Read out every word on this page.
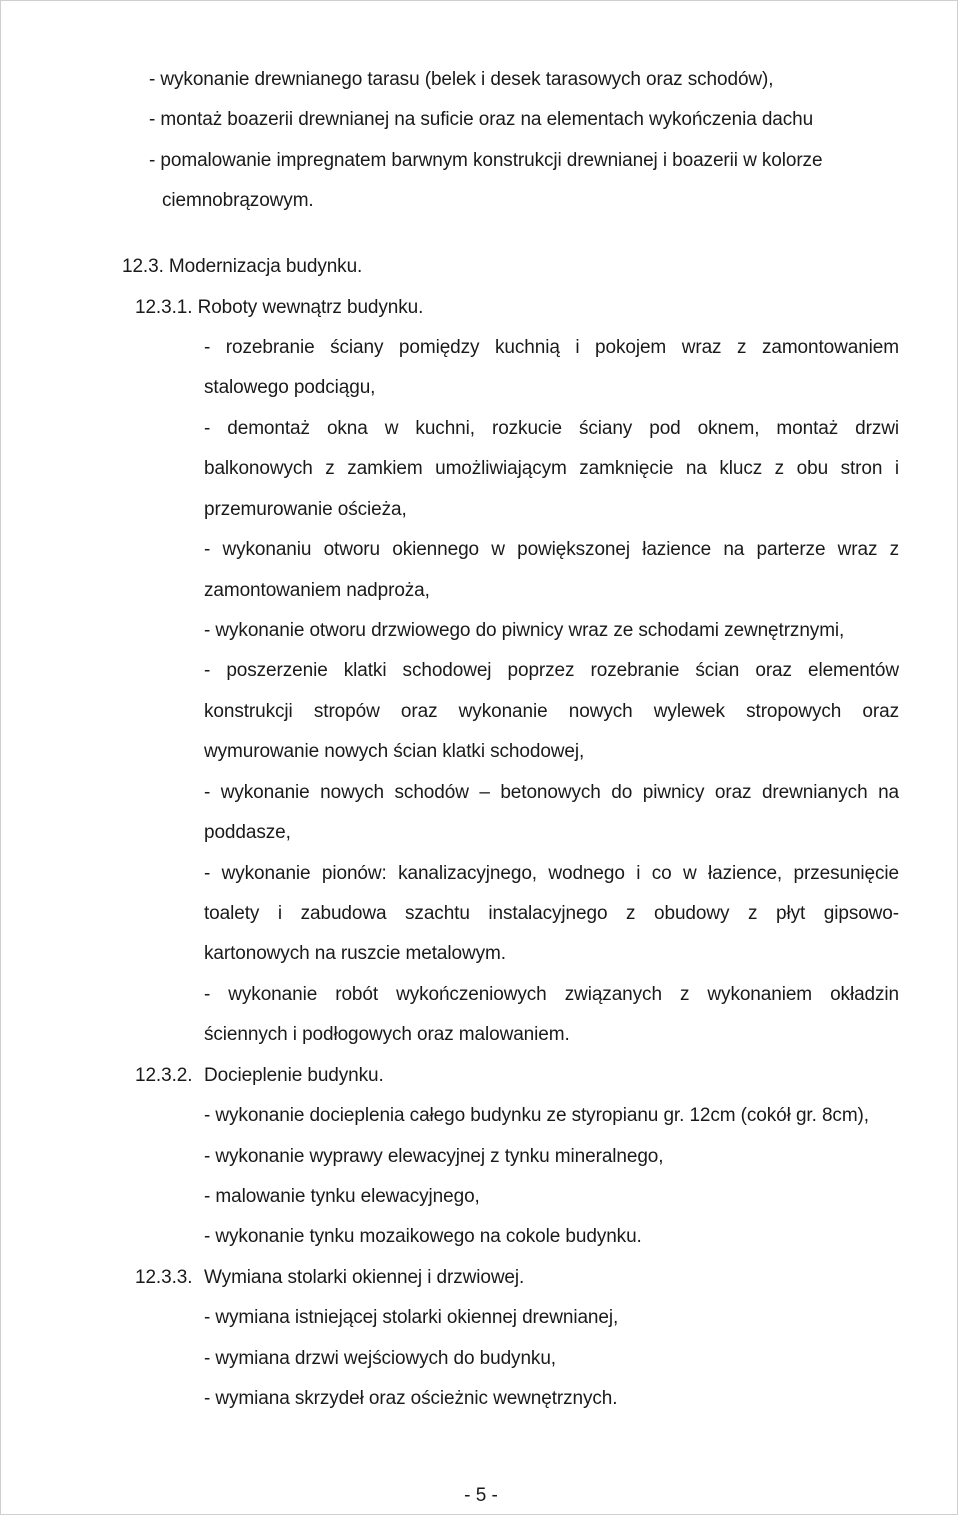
- wykonanie drewnianego tarasu (belek i desek tarasowych oraz schodów),
- montaż boazerii drewnianej na suficie oraz na elementach wykończenia dachu
- pomalowanie impregnatem barwnym konstrukcji drewnianej i boazerii w kolorze
ciemnobrązowym.
12.3. Modernizacja budynku.
12.3.1. Roboty wewnątrz budynku.
- rozebranie ściany pomiędzy kuchnią i pokojem wraz z zamontowaniem
stalowego podciągu,
- demontaż okna w kuchni, rozkucie ściany pod oknem, montaż drzwi
balkonowych z zamkiem umożliwiającym zamknięcie na klucz z obu stron i
przemurowanie ościeża,
- wykonaniu otworu okiennego w powiększonej łazience na parterze wraz z
zamontowaniem nadproża,
- wykonanie otworu drzwiowego do piwnicy wraz ze schodami zewnętrznymi,
- poszerzenie klatki schodowej poprzez rozebranie ścian oraz elementów
konstrukcji stropów oraz wykonanie nowych wylewek stropowych oraz
wymurowanie nowych ścian klatki schodowej,
- wykonanie nowych schodów – betonowych do piwnicy oraz drewnianych na
poddasze,
- wykonanie pionów: kanalizacyjnego, wodnego i co w łazience, przesunięcie
toalety i zabudowa szachtu instalacyjnego z obudowy z płyt gipsowo-
kartonowych na ruszcie metalowym.
- wykonanie robót wykończeniowych związanych z wykonaniem okładzin
ściennych i podłogowych oraz malowaniem.
12.3.2. Docieplenie budynku.
- wykonanie docieplenia całego budynku ze styropianu gr. 12cm (cokół gr. 8cm),
- wykonanie wyprawy elewacyjnej z tynku mineralnego,
- malowanie tynku elewacyjnego,
- wykonanie tynku mozaikowego na cokole budynku.
12.3.3. Wymiana stolarki okiennej i drzwiowej.
- wymiana istniejącej stolarki okiennej drewnianej,
- wymiana drzwi wejściowych do budynku,
- wymiana skrzydeł oraz ościeżnic wewnętrznych.
- 5 -
